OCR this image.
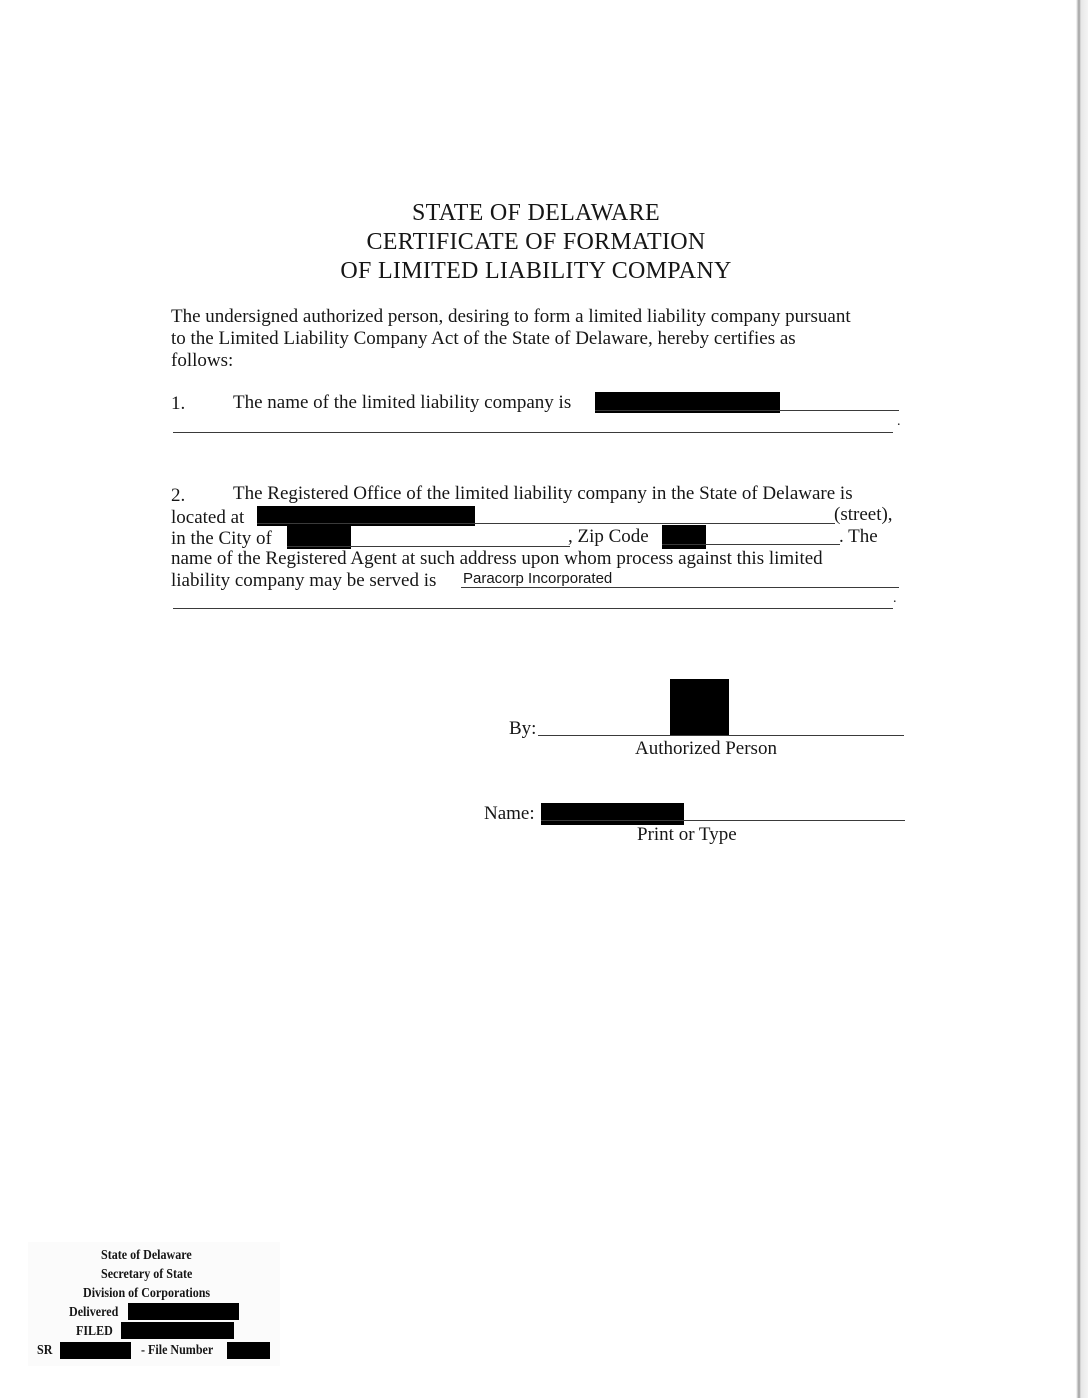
STATE OF DELAWARE
CERTIFICATE OF FORMATION
OF LIMITED LIABILITY COMPANY
The undersigned authorized person, desiring to form a limited liability company pursuant
to the Limited Liability Company Act of the State of Delaware, hereby certifies as
follows:
1.	The name of the limited liability company is
.
2.	The Registered Office of the limited liability company in the State of Delaware is
located at	(street),
in the City of	, Zip Code	. The
name of the Registered Agent at such address upon whom process against this limited
liability company may be served is Paracorp Incorporated
.
By:
Authorized Person
Name:
Print or Type
State of Delaware
Secretary of State
Division of Corporations
Delivered
FILED
SR	- File Number
